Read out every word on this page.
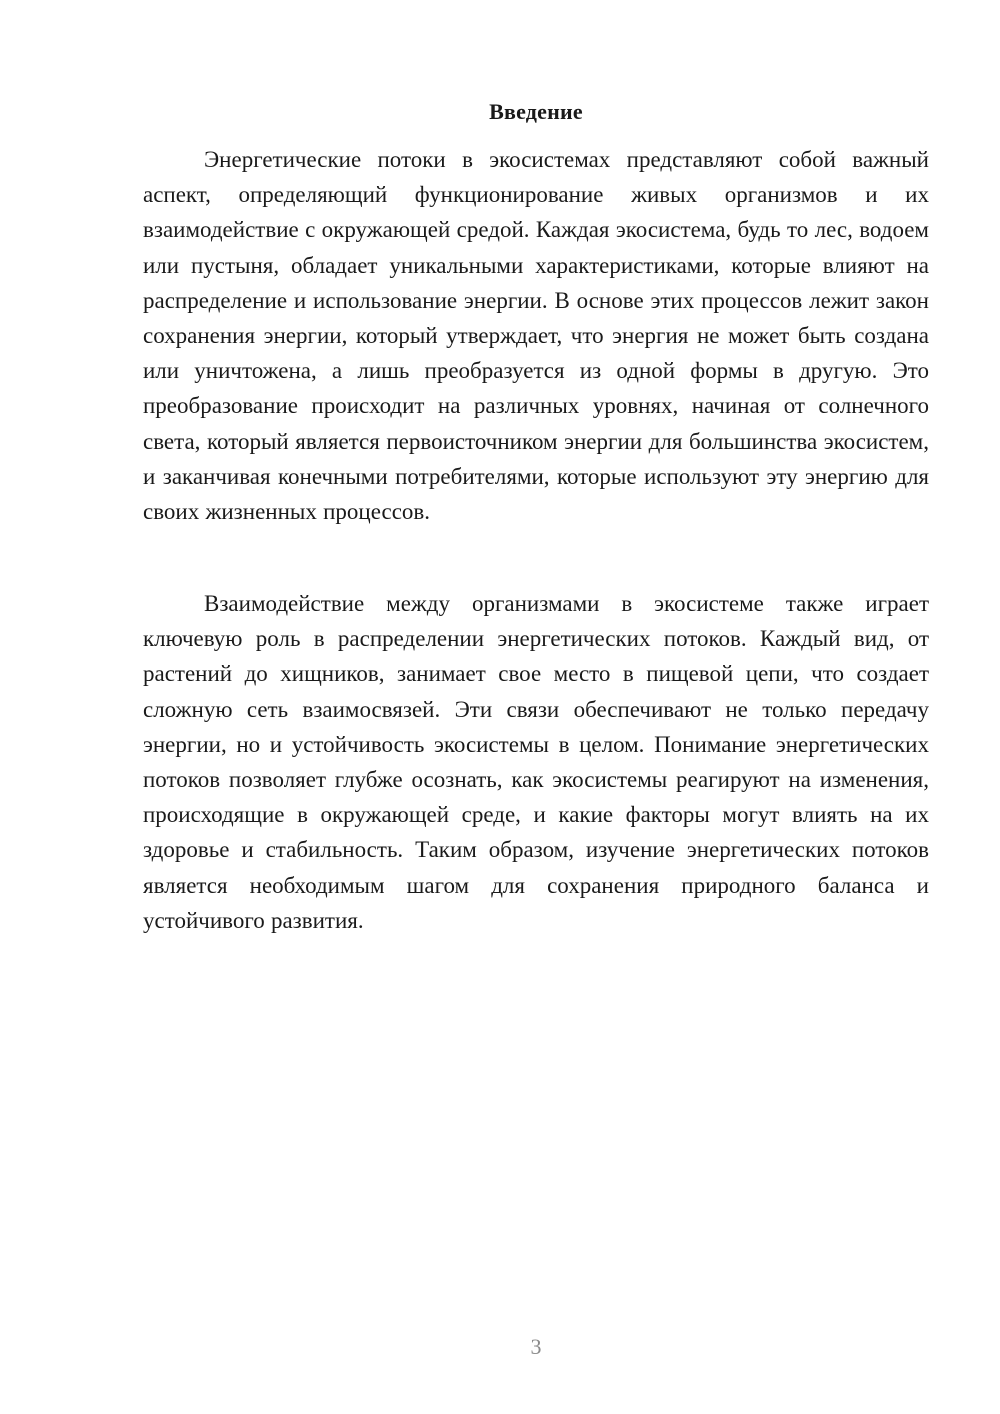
Введение

Энергетические потоки в экосистемах представляют собой важный аспект, определяющий функционирование живых организмов и их взаимодействие с окружающей средой. Каждая экосистема, будь то лес, водоем или пустыня, обладает уникальными характеристиками, которые влияют на распределение и использование энергии. В основе этих процессов лежит закон сохранения энергии, который утверждает, что энергия не может быть создана или уничтожена, а лишь преобразуется из одной формы в другую. Это преобразование происходит на различных уровнях, начиная от солнечного света, который является первоисточником энергии для большинства экосистем, и заканчивая конечными потребителями, которые используют эту энергию для своих жизненных процессов.

Взаимодействие между организмами в экосистеме также играет ключевую роль в распределении энергетических потоков. Каждый вид, от растений до хищников, занимает свое место в пищевой цепи, что создает сложную сеть взаимосвязей. Эти связи обеспечивают не только передачу энергии, но и устойчивость экосистемы в целом. Понимание энергетических потоков позволяет глубже осознать, как экосистемы реагируют на изменения, происходящие в окружающей среде, и какие факторы могут влиять на их здоровье и стабильность. Таким образом, изучение энергетических потоков является необходимым шагом для сохранения природного баланса и устойчивого развития.

3
